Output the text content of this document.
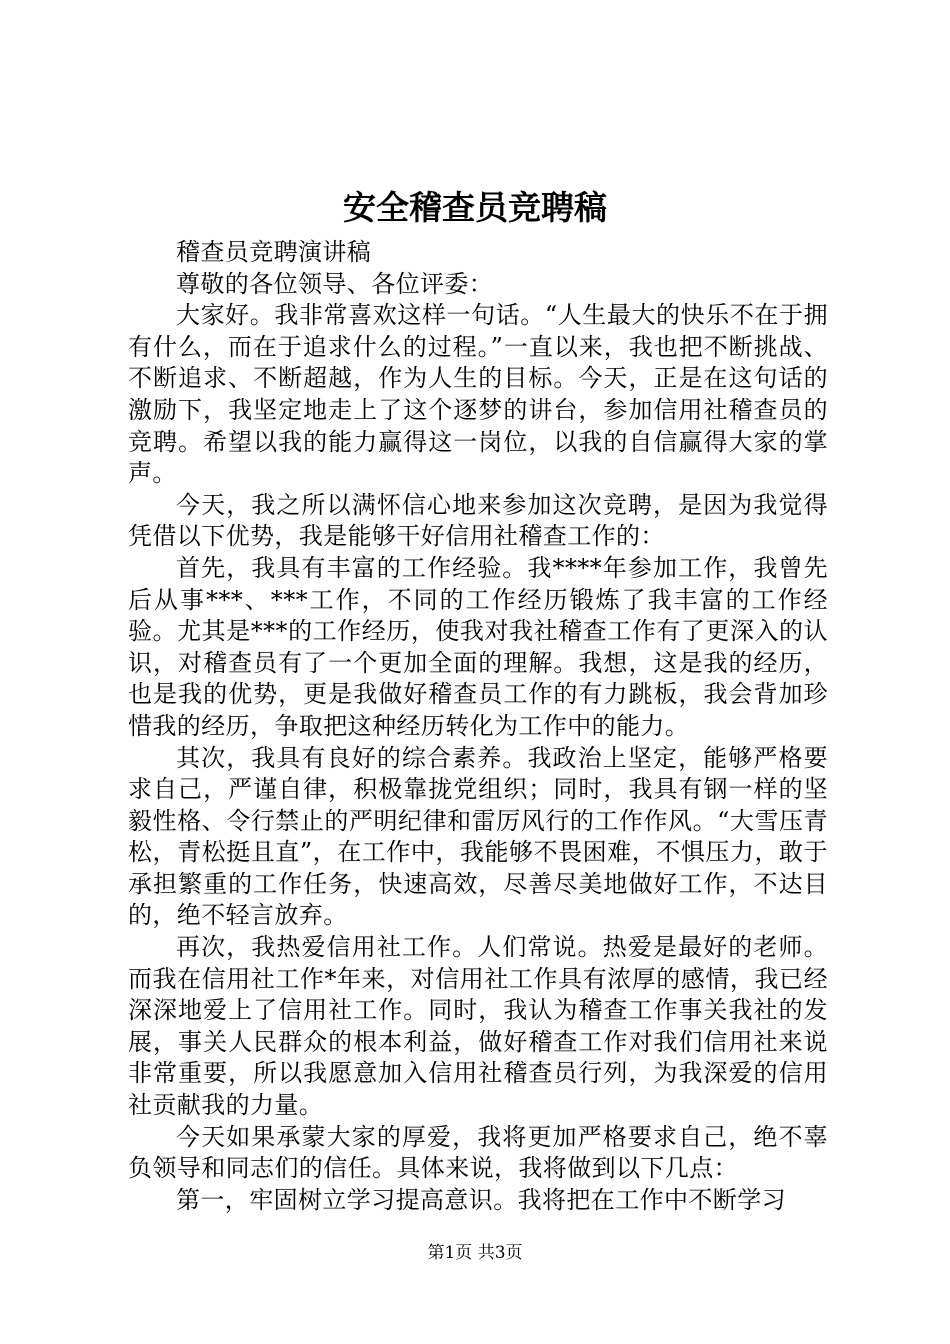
安全稽查员竞聘稿

稽查员竞聘演讲稿

尊敬的各位领导、各位评委：

大家好。我非常喜欢这样一句话。“人生最大的快乐不在于拥有什么，而在于追求什么的过程。”一直以来，我也把不断挑战、不断追求、不断超越，作为人生的目标。今天，正是在这句话的激励下，我坚定地走上了这个逐梦的讲台，参加信用社稽查员的竞聘。希望以我的能力赢得这一岗位，以我的自信赢得大家的掌声。

今天，我之所以满怀信心地来参加这次竞聘，是因为我觉得凭借以下优势，我是能够干好信用社稽查工作的：

首先，我具有丰富的工作经验。我****年参加工作，我曾先后从事***、***工作，不同的工作经历锻炼了我丰富的工作经验。尤其是***的工作经历，使我对我社稽查工作有了更深入的认识，对稽查员有了一个更加全面的理解。我想，这是我的经历，也是我的优势，更是我做好稽查员工作的有力跳板，我会背加珍惜我的经历，争取把这种经历转化为工作中的能力。

其次，我具有良好的综合素养。我政治上坚定，能够严格要求自己，严谨自律，积极靠拢党组织；同时，我具有钢一样的坚毅性格、令行禁止的严明纪律和雷厉风行的工作作风。“大雪压青松，青松挺且直”，在工作中，我能够不畏困难，不惧压力，敢于承担繁重的工作任务，快速高效，尽善尽美地做好工作，不达目的，绝不轻言放弃。

再次，我热爱信用社工作。人们常说。热爱是最好的老师。而我在信用社工作*年来，对信用社工作具有浓厚的感情，我已经深深地爱上了信用社工作。同时，我认为稽查工作事关我社的发展，事关人民群众的根本利益，做好稽查工作对我们信用社来说非常重要，所以我愿意加入信用社稽查员行列，为我深爱的信用社贡献我的力量。

今天如果承蒙大家的厚爱，我将更加严格要求自己，绝不辜负领导和同志们的信任。具体来说，我将做到以下几点：

第一，牢固树立学习提高意识。我将把在工作中不断学习

第1页 共3页
